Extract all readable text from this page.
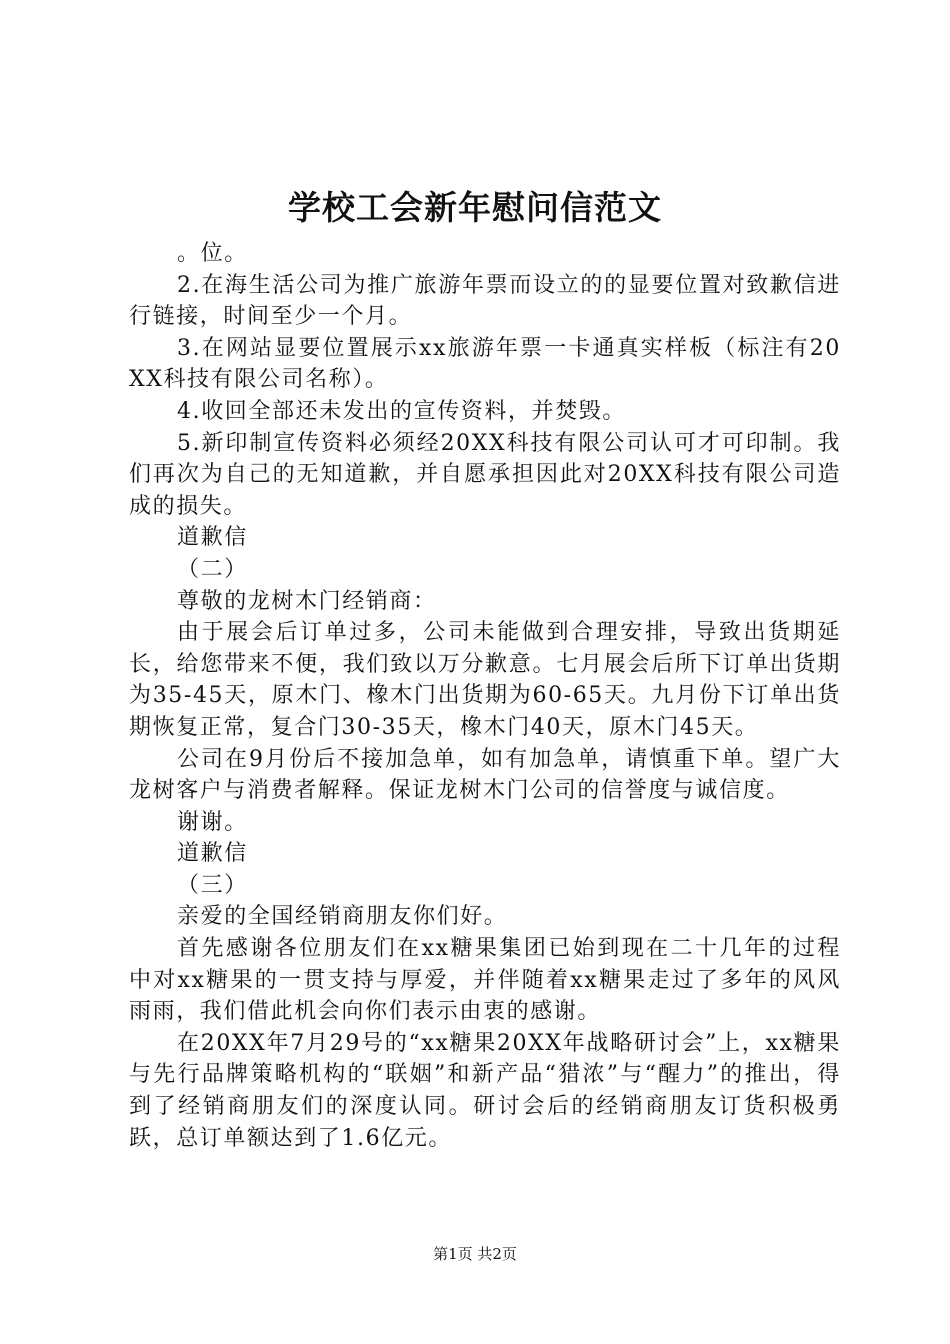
学校工会新年慰问信范文

。位。

2.在海生活公司为推广旅游年票而设立的的显要位置对致歉信进行链接，时间至少一个月。

3.在网站显要位置展示xx旅游年票一卡通真实样板（标注有20XX科技有限公司名称）。

4.收回全部还未发出的宣传资料，并焚毁。

5.新印制宣传资料必须经20XX科技有限公司认可才可印制。我们再次为自己的无知道歉，并自愿承担因此对20XX科技有限公司造成的损失。

道歉信

（二）

尊敬的龙树木门经销商：

由于展会后订单过多，公司未能做到合理安排，导致出货期延长，给您带来不便，我们致以万分歉意。七月展会后所下订单出货期为35-45天，原木门、橡木门出货期为60-65天。九月份下订单出货期恢复正常，复合门30-35天，橡木门40天，原木门45天。

公司在9月份后不接加急单，如有加急单，请慎重下单。望广大龙树客户与消费者解释。保证龙树木门公司的信誉度与诚信度。

谢谢。

道歉信

（三）

亲爱的全国经销商朋友你们好。

首先感谢各位朋友们在xx糖果集团已始到现在二十几年的过程中对xx糖果的一贯支持与厚爱，并伴随着xx糖果走过了多年的风风雨雨，我们借此机会向你们表示由衷的感谢。

在20XX年7月29号的“xx糖果20XX年战略研讨会”上，xx糖果与先行品牌策略机构的“联姻”和新产品“猎浓”与“醒力”的推出，得到了经销商朋友们的深度认同。研讨会后的经销商朋友订货积极勇跃，总订单额达到了1.6亿元。

第1页 共2页
